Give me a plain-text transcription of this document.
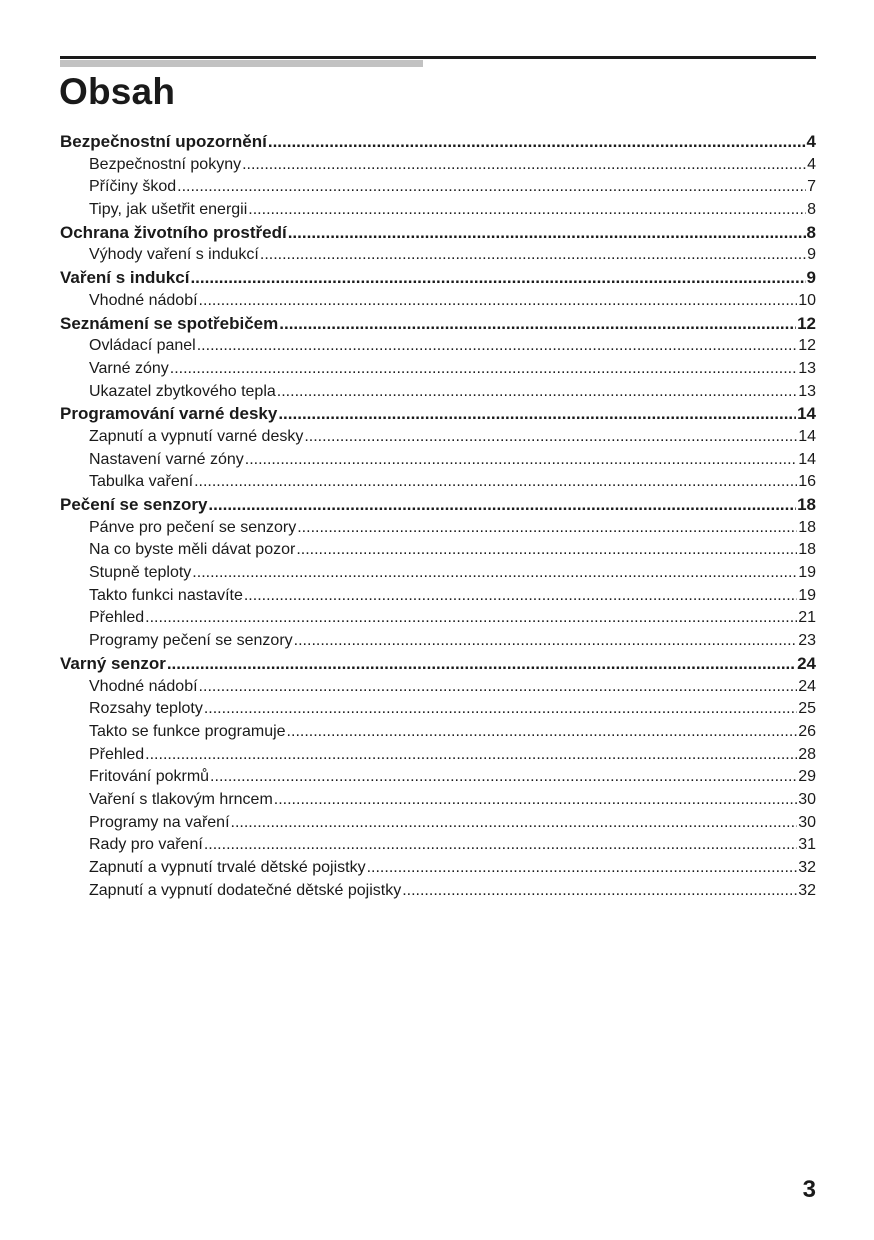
Obsah
Bezpečnostní upozornění .....	4
Bezpečnostní pokyny .....	4
Příčiny škod .....	7
Tipy, jak ušetřit energii .....	8
Ochrana životního prostředí .....	8
Výhody vaření s indukcí .....	9
Vaření s indukcí .....	9
Vhodné nádobí .....	10
Seznámení se spotřebičem .....	12
Ovládací panel .....	12
Varné zóny .....	13
Ukazatel zbytkového tepla .....	13
Programování varné desky .....	14
Zapnutí a vypnutí varné desky .....	14
Nastavení varné zóny .....	14
Tabulka vaření .....	16
Pečení se senzory .....	18
Pánve pro pečení se senzory .....	18
Na co byste měli dávat pozor .....	18
Stupně teploty .....	19
Takto funkci nastavíte .....	19
Přehled .....	21
Programy pečení se senzory .....	23
Varný senzor .....	24
Vhodné nádobí .....	24
Rozsahy teploty .....	25
Takto se funkce programuje .....	26
Přehled .....	28
Fritování pokrmů .....	29
Vaření s tlakovým hrncem .....	30
Programy na vaření .....	30
Rady pro vaření .....	31
Zapnutí a vypnutí trvalé dětské pojistky .....	32
Zapnutí a vypnutí dodatečné dětské pojistky .....	32
3
